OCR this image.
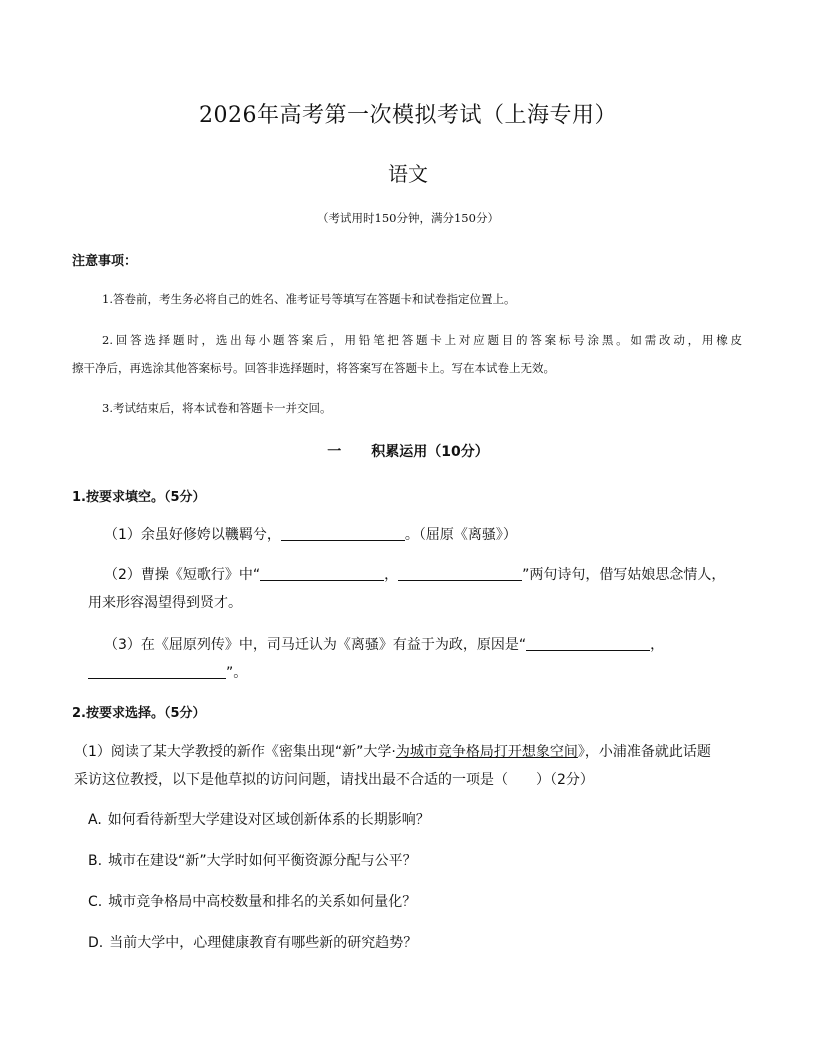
2026年高考第一次模拟考试（上海专用）
语文
（考试用时150分钟，满分150分）
注意事项：
1.答卷前，考生务必将自己的姓名、准考证号等填写在答题卡和试卷指定位置上。
2.回答选择题时，选出每小题答案后，用铅笔把答题卡上对应题目的答案标号涂黑。如需改动，用橡皮
擦干净后，再选涂其他答案标号。回答非选择题时，将答案写在答题卡上。写在本试卷上无效。
3.考试结束后，将本试卷和答题卡一并交回。
一 积累运用（10分）
1.按要求填空。（5分）
（1）余虽好修姱以鞿羁兮，	。（屈原《离骚》）
（2）曹操《短歌行》中“	，	”两句诗句，借写姑娘思念情人，
用来形容渴望得到贤才。
（3）在《屈原列传》中，司马迁认为《离骚》有益于为政，原因是“	，
”。
2.按要求选择。（5分）
（1）阅读了某大学教授的新作《密集出现“新”大学·为城市竞争格局打开想象空间》，小浦准备就此话题
采访这位教授，以下是他草拟的访问问题，请找出最不合适的一项是（　　）（2分）
A. 如何看待新型大学建设对区域创新体系的长期影响？
B. 城市在建设“新”大学时如何平衡资源分配与公平？
C. 城市竞争格局中高校数量和排名的关系如何量化？
D. 当前大学中，心理健康教育有哪些新的研究趋势？
